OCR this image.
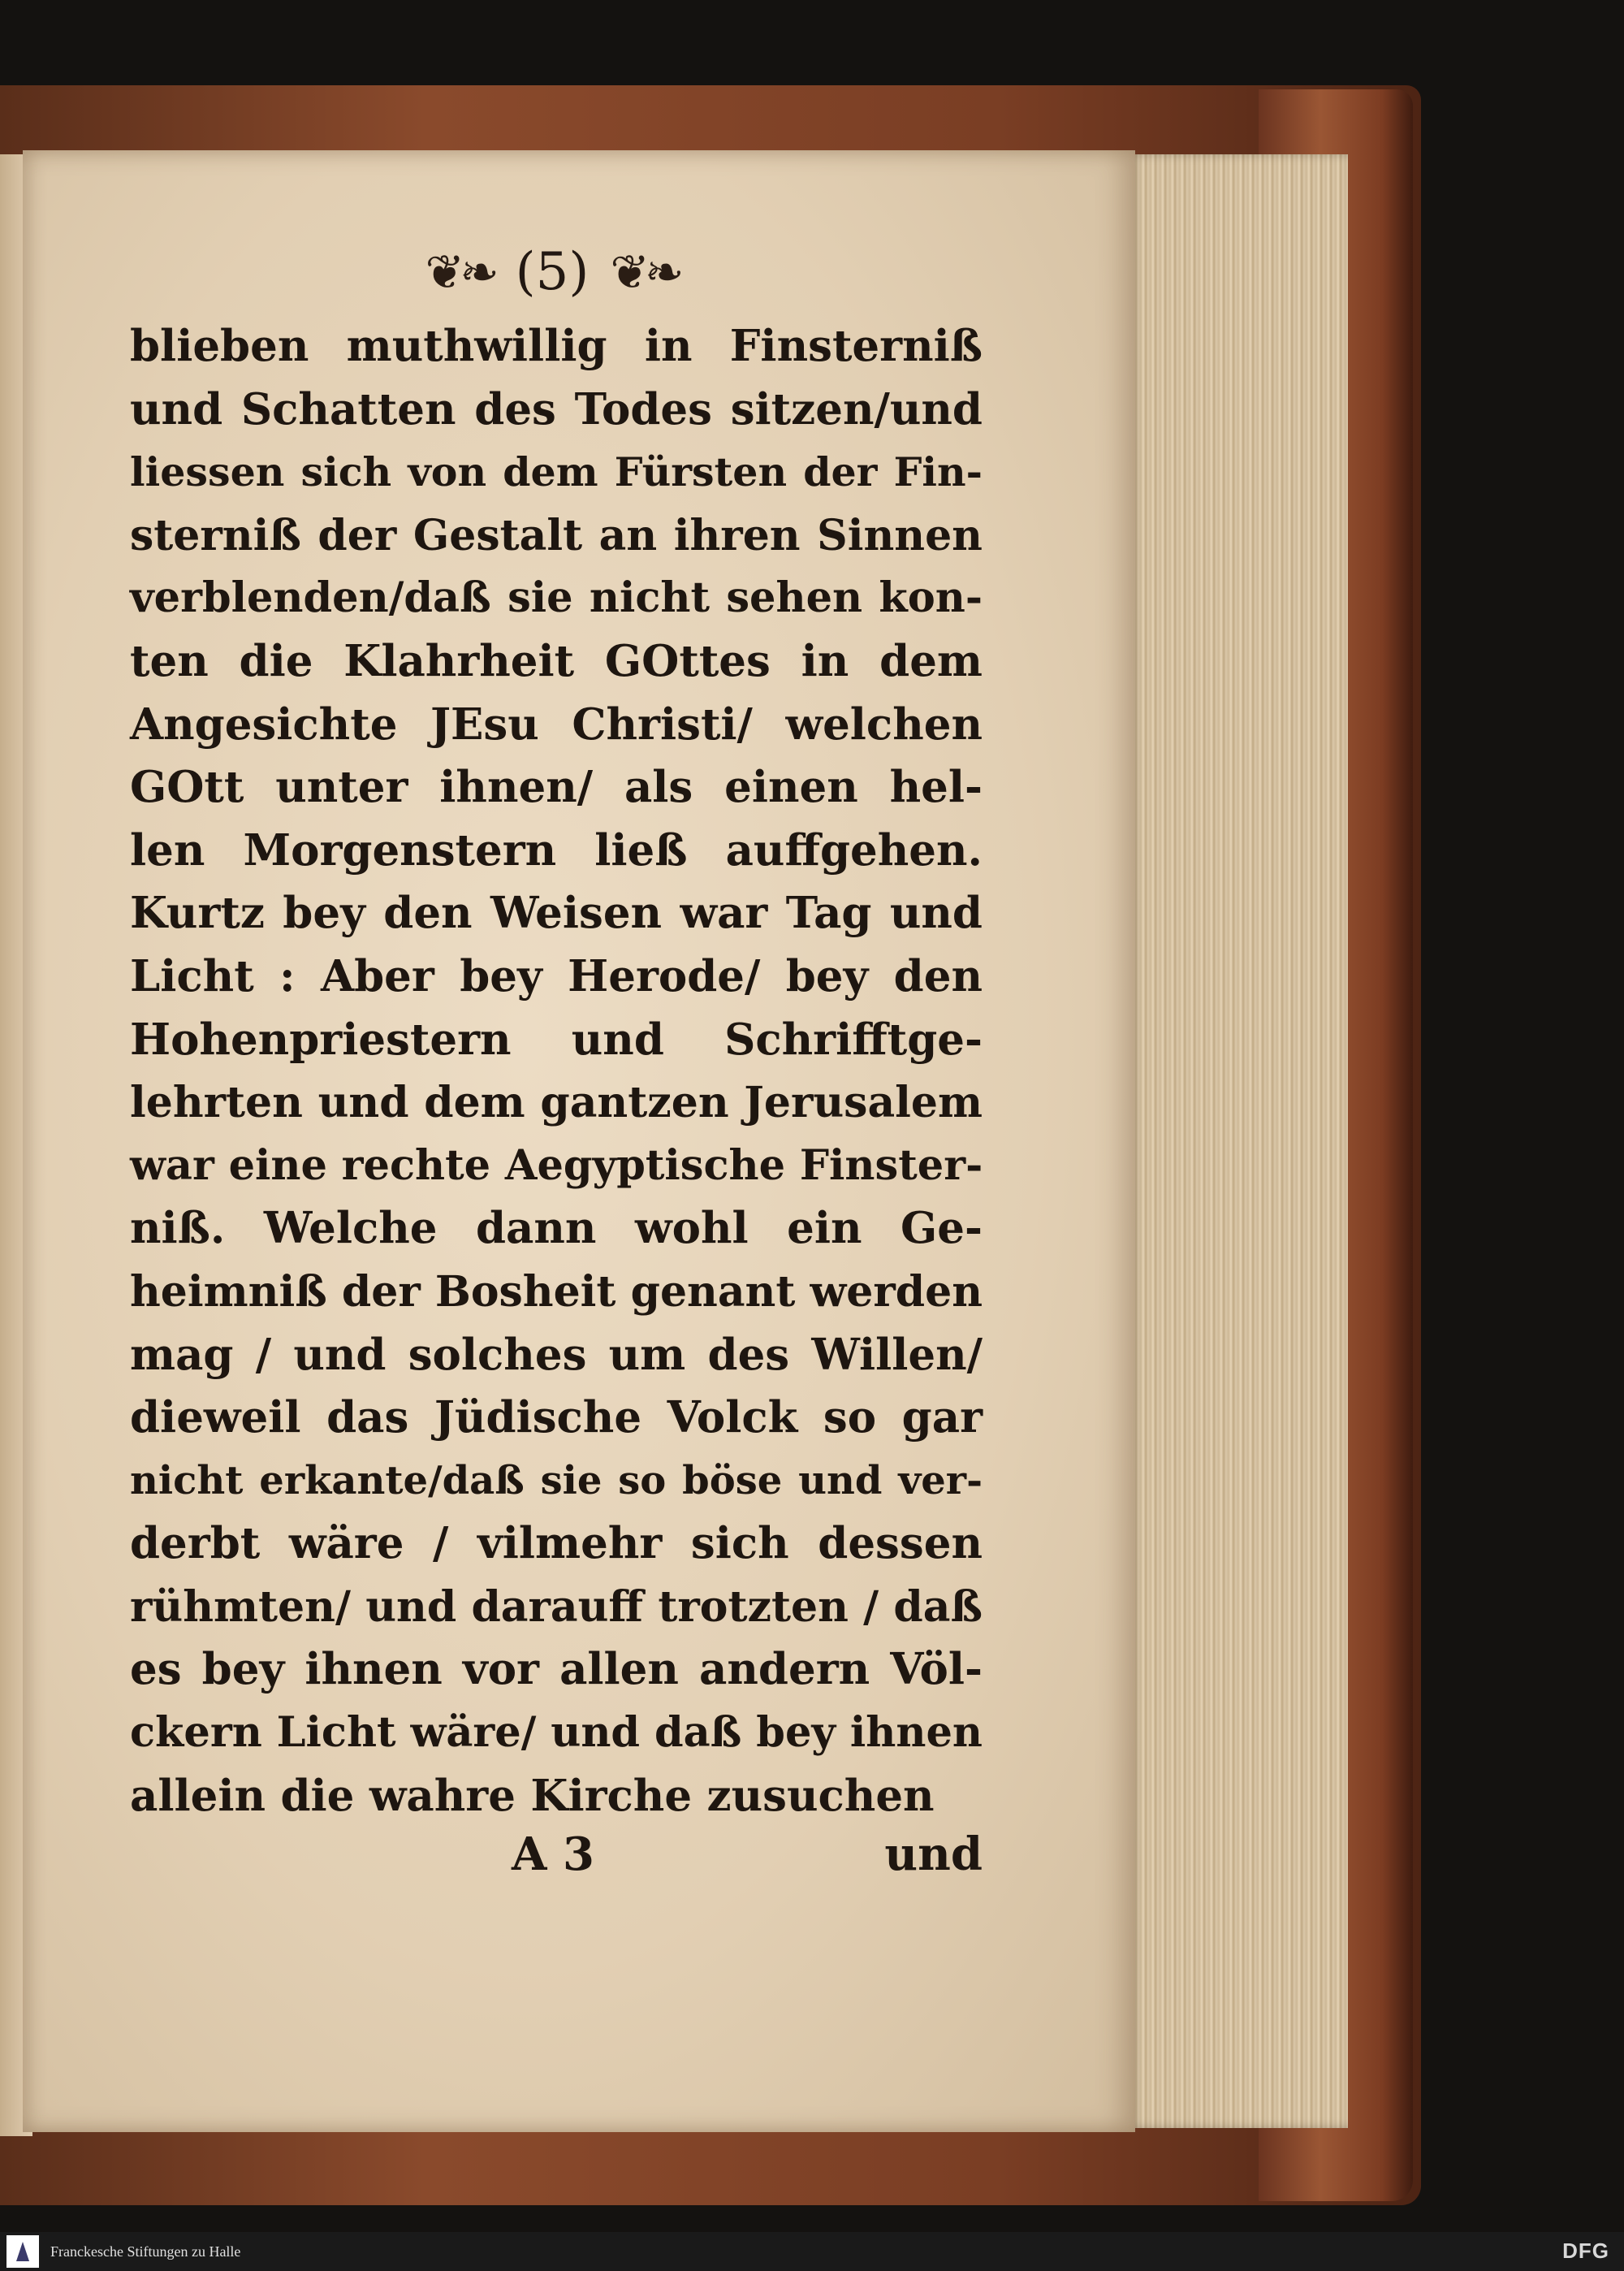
❦❧ (5) ❦❧
blieben muthwillig in Finsterniß
und Schatten des Todes sitzen/und
liessen sich von dem Fürsten der Fin-
sterniß der Gestalt an ihren Sinnen
verblenden/daß sie nicht sehen kon-
ten die Klahrheit GOttes in dem
Angesichte JEsu Christi/ welchen
GOtt unter ihnen/ als einen hel-
len Morgenstern ließ auffgehen.
Kurtz bey den Weisen war Tag und
Licht : Aber bey Herode/ bey den
Hohenpriestern und Schrifftge-
lehrten und dem gantzen Jerusalem
war eine rechte Aegyptische Finster-
niß. Welche dann wohl ein Ge-
heimniß der Bosheit genant werden
mag / und solches um des Willen/
dieweil das Jüdische Volck so gar
nicht erkante/daß sie so böse und ver-
derbt wäre / vilmehr sich dessen
rühmten/ und darauff trotzten / daß
es bey ihnen vor allen andern Völ-
ckern Licht wäre/ und daß bey ihnen
allein die wahre Kirche zusuchen
A 3	und
Franckesche Stiftungen zu Halle	DFG
